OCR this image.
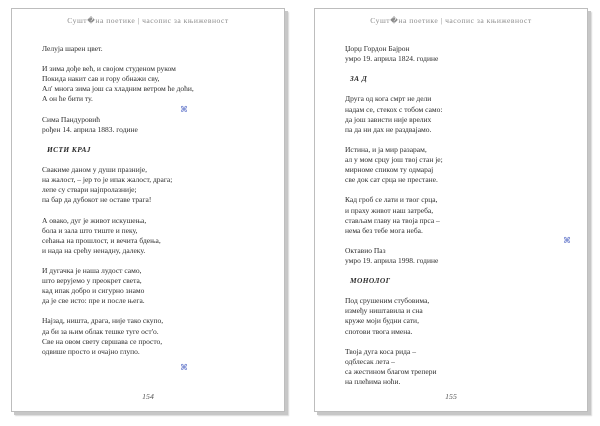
Сушт�на поетике | часопис за књижевност
Лелуја шарен цвет.
И зима дође већ, и својом студеном руком
Покида накит сав и гору обнажи сву,
Ал' многа зима још са хладним ветром ће доћи,
А он ће бити ту.
⌘
Сима Пандуровић
рођен 14. априла 1883. године
ИСТИ КРАЈ
Свакиме даном у души празније,
на жалост, – јер то је ипак жалост, драга;
лепе су ствари најпролазније;
па бар да дубокот не оставе трага!
А овако, дуг је живот искушења,
бола и зала што тиште и пеку,
сећања на прошлост, и вечита бдења,
и нада на срећу ненадну, далеку.
И дугачка је наша лудост само,
што верујемо у преокрет света,
кад ипак добро и сигурно знамо
да је све исто: пре и после њега.
Најзад, ништа, драга, није тако скупо,
да би за њим облак тешке туге ост'о.
Све на овом свету свршава се просто,
одвише просто и очајно глупо.
⌘
154
Сушт�на поетике | часопис за књижевност
Џорџ Гордон Бајрон
умро 19. априла 1824. године
ЗА Д
Друга од кога смрт не дели
надам се, стекох с тобом само:
да још зависти није врелих
па да ни дах не раздвајамо.
Истина, и ја мир разарам,
ал у мом срцу још твој стан је;
мирноме спиком ту одмарај
све док сат срца не престане.
Кад гроб се лати и твог срца,
и праху живот наш затреба,
стављам главу на твоја прса –
нема без тебе мога неба.
⌘
Октавио Паз
умро 19. априла 1998. године
МОНОЛОГ
Под срушеним стубовима,
између ништавила и сна
круже моји будни сати,
спотови твога имена.
Твоја дуга коса рида –
одблесак лета –
са жестином благом трепери
на плећима ноћи.
155
